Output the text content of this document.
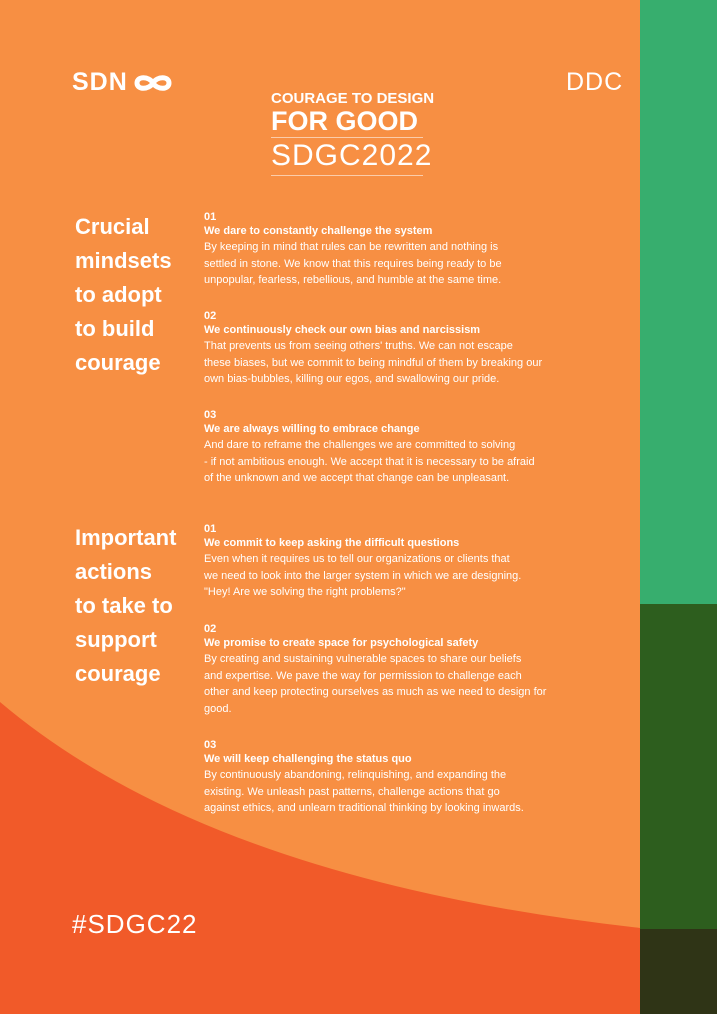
SDN	DDC
COURAGE TO DESIGN
FOR GOOD
SDGC2022
Crucial
mindsets
to adopt
to build
courage
01
We dare to constantly challenge the system
By keeping in mind that rules can be rewritten and nothing is
settled in stone. We know that this requires being ready to be
unpopular, fearless, rebellious, and humble at the same time.
02
We continuously check our own bias and narcissism
That prevents us from seeing others' truths. We can not escape
these biases, but we commit to being mindful of them by breaking our
own bias-bubbles, killing our egos, and swallowing our pride.
03
We are always willing to embrace change
And dare to reframe the challenges we are committed to solving
- if not ambitious enough. We accept that it is necessary to be afraid
of the unknown and we accept that change can be unpleasant.
Important
actions
to take to
support
courage
01
We commit to keep asking the difficult questions
Even when it requires us to tell our organizations or clients that
we need to look into the larger system in which we are designing.
"Hey! Are we solving the right problems?"
02
We promise to create space for psychological safety
By creating and sustaining vulnerable spaces to share our beliefs
and expertise. We pave the way for permission to challenge each
other and keep protecting ourselves as much as we need to design for
good.
03
We will keep challenging the status quo
By continuously abandoning, relinquishing, and expanding the
existing. We unleash past patterns, challenge actions that go
against ethics, and unlearn traditional thinking by looking inwards.
#SDGC22
